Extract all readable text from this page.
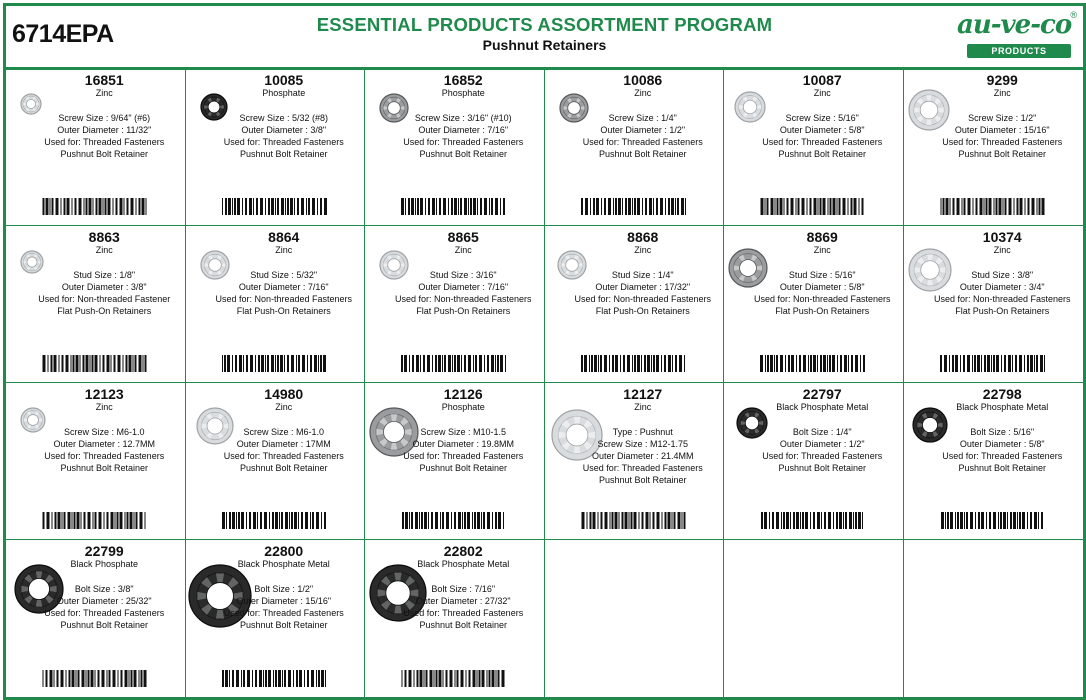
6714EPA	ESSENTIAL PRODUCTS ASSORTMENT PROGRAM
Pushnut Retainers
au-ve-co ®
PRODUCTS
16851
Zinc
Screw Size : 9/64" (#6)
Outer Diameter : 11/32"
Used for: Threaded Fasteners
Pushnut Bolt Retainer
10085
Phosphate
Screw Size : 5/32 (#8)
Outer Diameter : 3/8"
Used for: Threaded Fasteners
Pushnut Bolt Retainer
16852
Phosphate
Screw Size : 3/16" (#10)
Outer Diameter : 7/16"
Used for: Threaded Fasteners
Pushnut Bolt Retainer
10086
Zinc
Screw Size : 1/4"
Outer Diameter : 1/2"
Used for: Threaded Fasteners
Pushnut Bolt Retainer
10087
Zinc
Screw Size : 5/16"
Outer Diameter : 5/8"
Used for: Threaded Fasteners
Pushnut Bolt Retainer
9299
Zinc
Screw Size : 1/2"
Outer Diameter : 15/16"
Used for: Threaded Fasteners
Pushnut Bolt Retainer
8863
Zinc
Stud Size : 1/8"
Outer Diameter : 3/8"
Used for: Non-threaded Fastener
Flat Push-On Retainers
8864
Zinc
Stud Size : 5/32"
Outer Diameter : 7/16"
Used for: Non-threaded Fasteners
Flat Push-On Retainers
8865
Zinc
Stud Size : 3/16"
Outer Diameter : 7/16"
Used for: Non-threaded Fasteners
Flat Push-On Retainers
8868
Zinc
Stud Size : 1/4"
Outer Diameter : 17/32"
Used for: Non-threaded Fasteners
Flat Push-On Retainers
8869
Zinc
Stud Size : 5/16"
Outer Diameter : 5/8"
Used for: Non-threaded Fasteners
Flat Push-On Retainers
10374
Zinc
Stud Size : 3/8"
Outer Diameter : 3/4"
Used for: Non-threaded Fasteners
Flat Push-On Retainers
12123
Zinc
Screw Size : M6-1.0
Outer Diameter : 12.7MM
Used for: Threaded Fasteners
Pushnut Bolt Retainer
14980
Zinc
Screw Size : M6-1.0
Outer Diameter : 17MM
Used for: Threaded Fasteners
Pushnut Bolt Retainer
12126
Phosphate
Screw Size : M10-1.5
Outer Diameter : 19.8MM
Used for: Threaded Fasteners
Pushnut Bolt Retainer
12127
Zinc
Type : Pushnut
Screw Size : M12-1.75
Outer Diameter : 21.4MM
Used for: Threaded Fasteners
Pushnut Bolt Retainer
22797
Black Phosphate Metal
Bolt Size : 1/4"
Outer Diameter : 1/2"
Used for: Threaded Fasteners
Pushnut Bolt Retainer
22798
Black Phosphate Metal
Bolt Size : 5/16"
Outer Diameter : 5/8"
Used for: Threaded Fasteners
Pushnut Bolt Retainer
22799
Black Phosphate
Bolt Size : 3/8"
Outer Diameter : 25/32"
Used for: Threaded Fasteners
Pushnut Bolt Retainer
22800
Black Phosphate Metal
Bolt Size : 1/2"
Outer Diameter : 15/16"
Used for: Threaded Fasteners
Pushnut Bolt Retainer
22802
Black Phosphate Metal
Bolt Size : 7/16"
Outer Diameter : 27/32"
Used for: Threaded Fasteners
Pushnut Bolt Retainer
